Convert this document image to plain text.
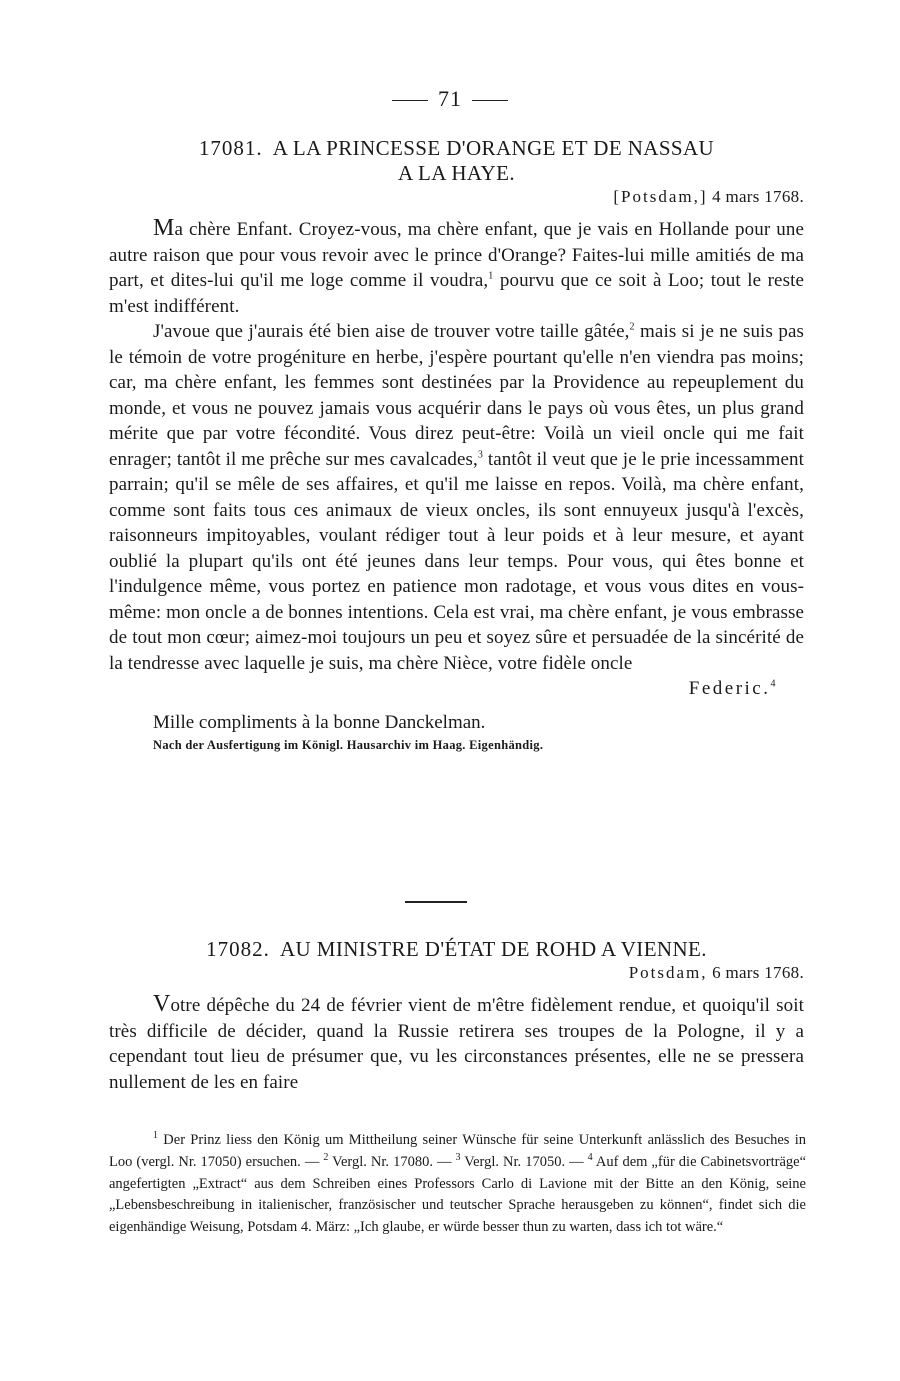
71
17081. A LA PRINCESSE D'ORANGE ET DE NASSAU
A LA HAYE.
[Potsdam,] 4 mars 1768.

Ma chère Enfant. Croyez-vous, ma chère enfant, que je vais en Hollande pour une autre raison que pour vous revoir avec le prince d'Orange? Faites-lui mille amitiés de ma part, et dites-lui qu'il me loge comme il voudra,$^1$ pourvu que ce soit à Loo; tout le reste m'est indifférent.

J'avoue que j'aurais été bien aise de trouver votre taille gâtée,$^2$ mais si je ne suis pas le témoin de votre progéniture en herbe, j'espère pourtant qu'elle n'en viendra pas moins; car, ma chère enfant, les femmes sont destinées par la Providence au repeuplement du monde, et vous ne pouvez jamais vous acquérir dans le pays où vous êtes, un plus grand mérite que par votre fécondité. Vous direz peut-être: Voilà un vieil oncle qui me fait enrager; tantôt il me prêche sur mes cavalcades,$^3$ tantôt il veut que je le prie incessamment parrain; qu'il se mêle de ses affaires, et qu'il me laisse en repos. Voilà, ma chère enfant, comme sont faits tous ces animaux de vieux oncles, ils sont ennuyeux jusqu'à l'excès, raisonneurs impitoyables, voulant rédiger tout à leur poids et à leur mesure, et ayant oublié la plupart qu'ils ont été jeunes dans leur temps. Pour vous, qui êtes bonne et l'indulgence même, vous portez en patience mon radotage, et vous vous dites en vous-même: mon oncle a de bonnes intentions. Cela est vrai, ma chère enfant, je vous embrasse de tout mon cœur; aimez-moi toujours un peu et soyez sûre et persuadée de la sincérité de la tendresse avec laquelle je suis, ma chère Nièce, votre fidèle oncle

Federic.$^4$
Mille compliments à la bonne Danckelman.
Nach der Ausfertigung im Königl. Hausarchiv im Haag. Eigenhändig.
17082. AU MINISTRE D'ÉTAT DE ROHD A VIENNE.
Potsdam, 6 mars 1768.

Votre dépêche du 24 de février vient de m'être fidèlement rendue, et quoiqu'il soit très difficile de décider, quand la Russie retirera ses troupes de la Pologne, il y a cependant tout lieu de présumer que, vu les circonstances présentes, elle ne se pressera nullement de les en faire

$^1$ Der Prinz liess den König um Mittheilung seiner Wünsche für seine Unterkunft anlässlich des Besuches in Loo (vergl. Nr. 17050) ersuchen. — $^2$ Vergl. Nr. 17080. — $^3$ Vergl. Nr. 17050. — $^4$ Auf dem „für die Cabinetsvorträge“ angefertigten „Extract“ aus dem Schreiben eines Professors Carlo di Lavione mit der Bitte an den König, seine „Lebensbeschreibung in italienischer, französischer und teutscher Sprache herausgeben zu können“, findet sich die eigenhändige Weisung, Potsdam 4. März: „Ich glaube, er würde besser thun zu warten, dass ich tot wäre.“
